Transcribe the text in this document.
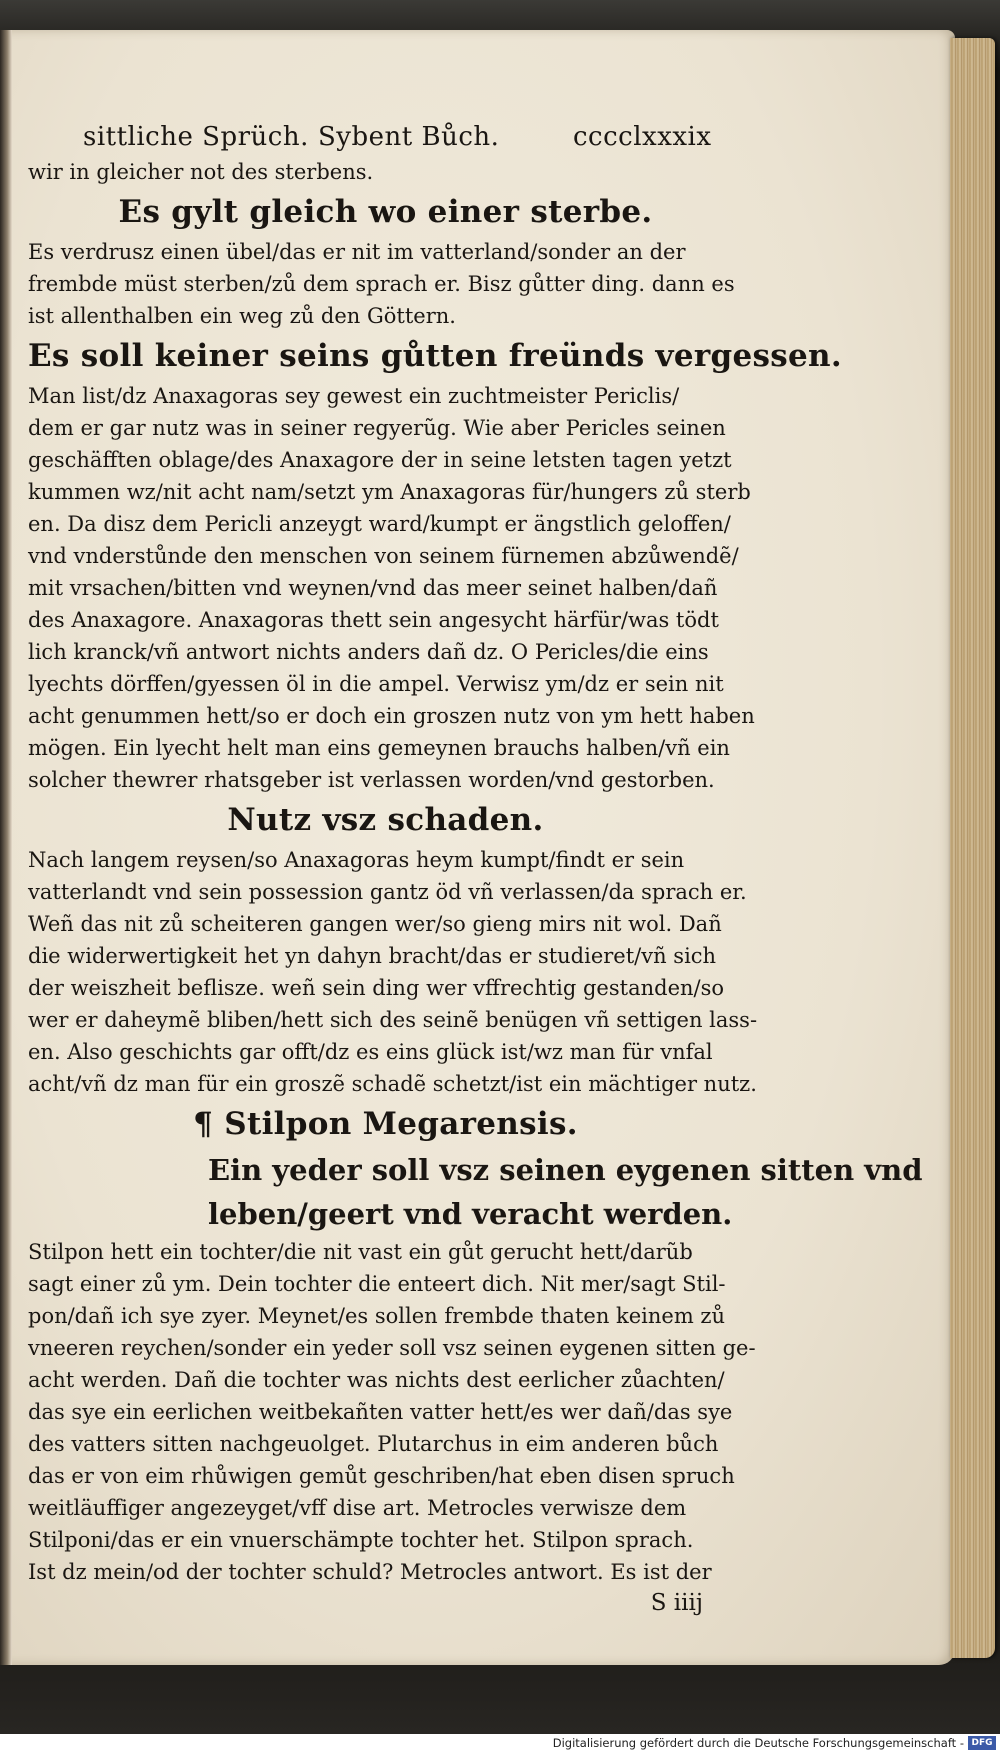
sittliche Sprüch. Sybent Bůch.	cccclxxxix
wir in gleicher not des sterbens.
Es gylt gleich wo einer sterbe.
Es verdrusz einen übel/das er nit im vatterland/sonder an der
frembde müst sterben/zů dem sprach er. Bisz gůtter ding. dann es
ist allenthalben ein weg zů den Göttern.
Es soll keiner seins gůtten freünds vergessen.
Man list/dz Anaxagoras sey gewest ein zuchtmeister Periclis/
dem er gar nutz was in seiner regyerũg. Wie aber Pericles seinen
geschäfften oblage/des Anaxagore der in seine letsten tagen yetzt
kummen wz/nit acht nam/setzt ym Anaxagoras für/hungers zů sterb
en. Da disz dem Pericli anzeygt ward/kumpt er ängstlich geloffen/
vnd vnderstůnde den menschen von seinem fürnemen abzůwendẽ/
mit vrsachen/bitten vnd weynen/vnd das meer seinet halben/dañ
des Anaxagore. Anaxagoras thett sein angesycht härfür/was tödt
lich kranck/vñ antwort nichts anders dañ dz. O Pericles/die eins
lyechts dörffen/gyessen öl in die ampel. Verwisz ym/dz er sein nit
acht genummen hett/so er doch ein groszen nutz von ym hett haben
mögen. Ein lyecht helt man eins gemeynen brauchs halben/vñ ein
solcher thewrer rhatsgeber ist verlassen worden/vnd gestorben.
Nutz vsz schaden.
Nach langem reysen/so Anaxagoras heym kumpt/findt er sein
vatterlandt vnd sein possession gantz öd vñ verlassen/da sprach er.
Weñ das nit zů scheiteren gangen wer/so gieng mirs nit wol. Dañ
die widerwertigkeit het yn dahyn bracht/das er studieret/vñ sich
der weiszheit beflisze. weñ sein ding wer vffrechtig gestanden/so
wer er daheymẽ bliben/hett sich des seinẽ benügen vñ settigen lass-
en. Also geschichts gar offt/dz es eins glück ist/wz man für vnfal
acht/vñ dz man für ein groszẽ schadẽ schetzt/ist ein mächtiger nutz.
¶ Stilpon Megarensis.
Ein yeder soll vsz seinen eygenen sitten vnd
leben/geert vnd veracht werden.
Stilpon hett ein tochter/die nit vast ein gůt gerucht hett/darũb
sagt einer zů ym. Dein tochter die enteert dich. Nit mer/sagt Stil-
pon/dañ ich sye zyer. Meynet/es sollen frembde thaten keinem zů
vneeren reychen/sonder ein yeder soll vsz seinen eygenen sitten ge-
acht werden. Dañ die tochter was nichts dest eerlicher zůachten/
das sye ein eerlichen weitbekañten vatter hett/es wer dañ/das sye
des vatters sitten nachgeuolget. Plutarchus in eim anderen bůch
das er von eim rhůwigen gemůt geschriben/hat eben disen spruch
weitläuffiger angezeyget/vff dise art. Metrocles verwisze dem
Stilponi/das er ein vnuerschämpte tochter het. Stilpon sprach.
Ist dz mein/od der tochter schuld? Metrocles antwort. Es ist der
S iiij
Digitalisierung gefördert durch die Deutsche Forschungsgemeinschaft - DFG
